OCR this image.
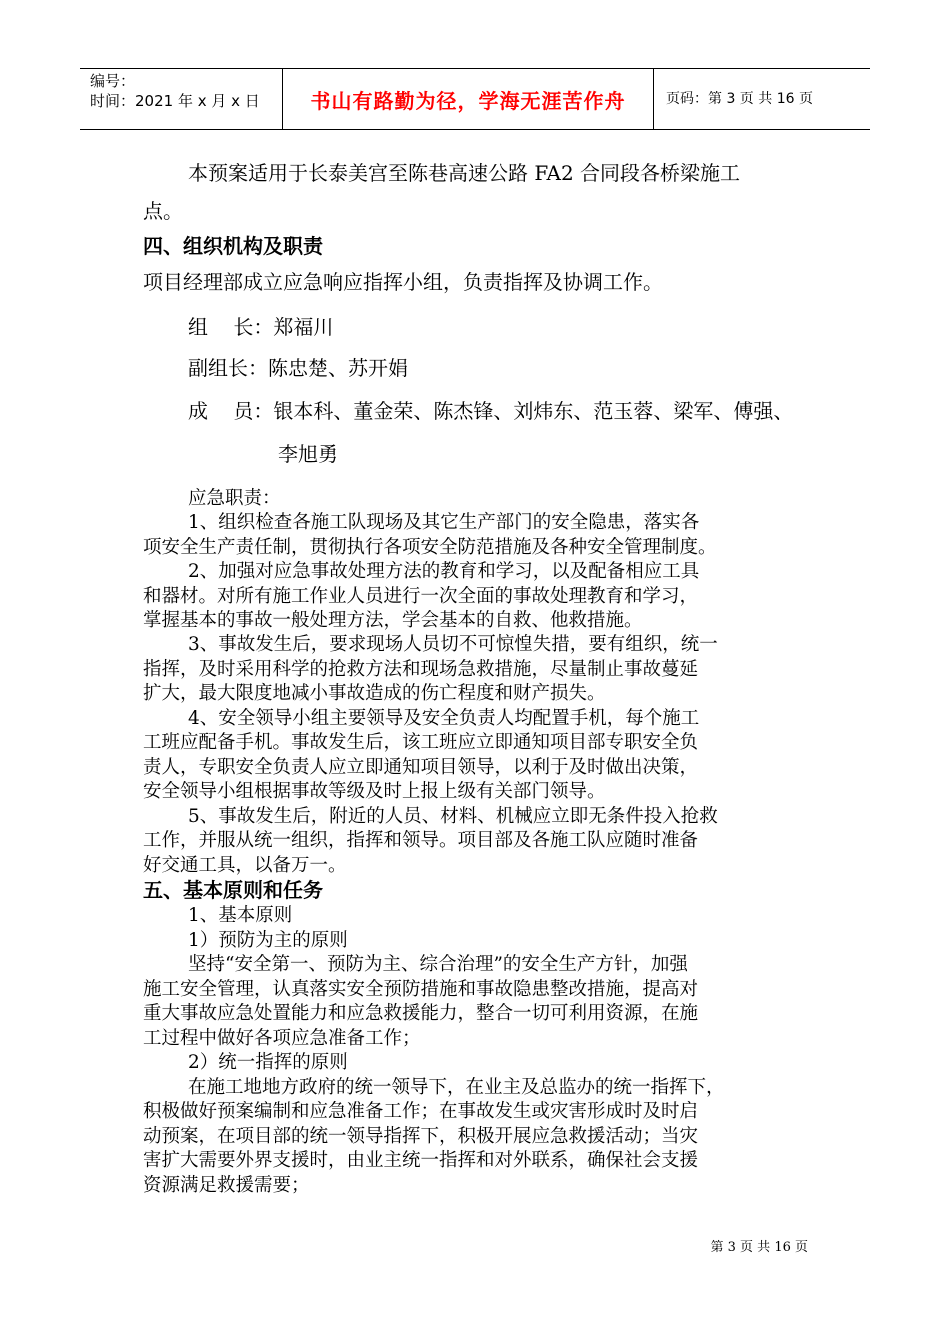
编号：
时间：2021 年 x 月 x 日	书山有路勤为径，学海无涯苦作舟	页码：第 3 页 共 16 页
本预案适用于长泰美宫至陈巷高速公路 FA2 合同段各桥梁施工
点。
四、组织机构及职责
项目经理部成立应急响应指挥小组，负责指挥及协调工作。
组    长：郑福川
副组长：陈忠楚、苏开娟
成    员：银本科、董金荣、陈杰锋、刘炜东、范玉蓉、梁军、傅强、
李旭勇
应急职责：
1、组织检查各施工队现场及其它生产部门的安全隐患，落实各
项安全生产责任制，贯彻执行各项安全防范措施及各种安全管理制度。
2、加强对应急事故处理方法的教育和学习，以及配备相应工具
和器材。对所有施工作业人员进行一次全面的事故处理教育和学习，
掌握基本的事故一般处理方法，学会基本的自救、他救措施。
3、事故发生后，要求现场人员切不可惊惶失措，要有组织，统一
指挥，及时采用科学的抢救方法和现场急救措施，尽量制止事故蔓延
扩大，最大限度地减小事故造成的伤亡程度和财产损失。
4、安全领导小组主要领导及安全负责人均配置手机，每个施工
工班应配备手机。事故发生后，该工班应立即通知项目部专职安全负
责人，专职安全负责人应立即通知项目领导，以利于及时做出决策，
安全领导小组根据事故等级及时上报上级有关部门领导。
5、事故发生后，附近的人员、材料、机械应立即无条件投入抢救
工作，并服从统一组织，指挥和领导。项目部及各施工队应随时准备
好交通工具，以备万一。
五、基本原则和任务
1、基本原则
1）预防为主的原则
坚持“安全第一、预防为主、综合治理”的安全生产方针，加强
施工安全管理，认真落实安全预防措施和事故隐患整改措施，提高对
重大事故应急处置能力和应急救援能力，整合一切可利用资源，在施
工过程中做好各项应急准备工作；
2）统一指挥的原则
在施工地地方政府的统一领导下，在业主及总监办的统一指挥下，
积极做好预案编制和应急准备工作；在事故发生或灾害形成时及时启
动预案，在项目部的统一领导指挥下，积极开展应急救援活动；当灾
害扩大需要外界支援时，由业主统一指挥和对外联系，确保社会支援
资源满足救援需要；
第 3 页 共 16 页
